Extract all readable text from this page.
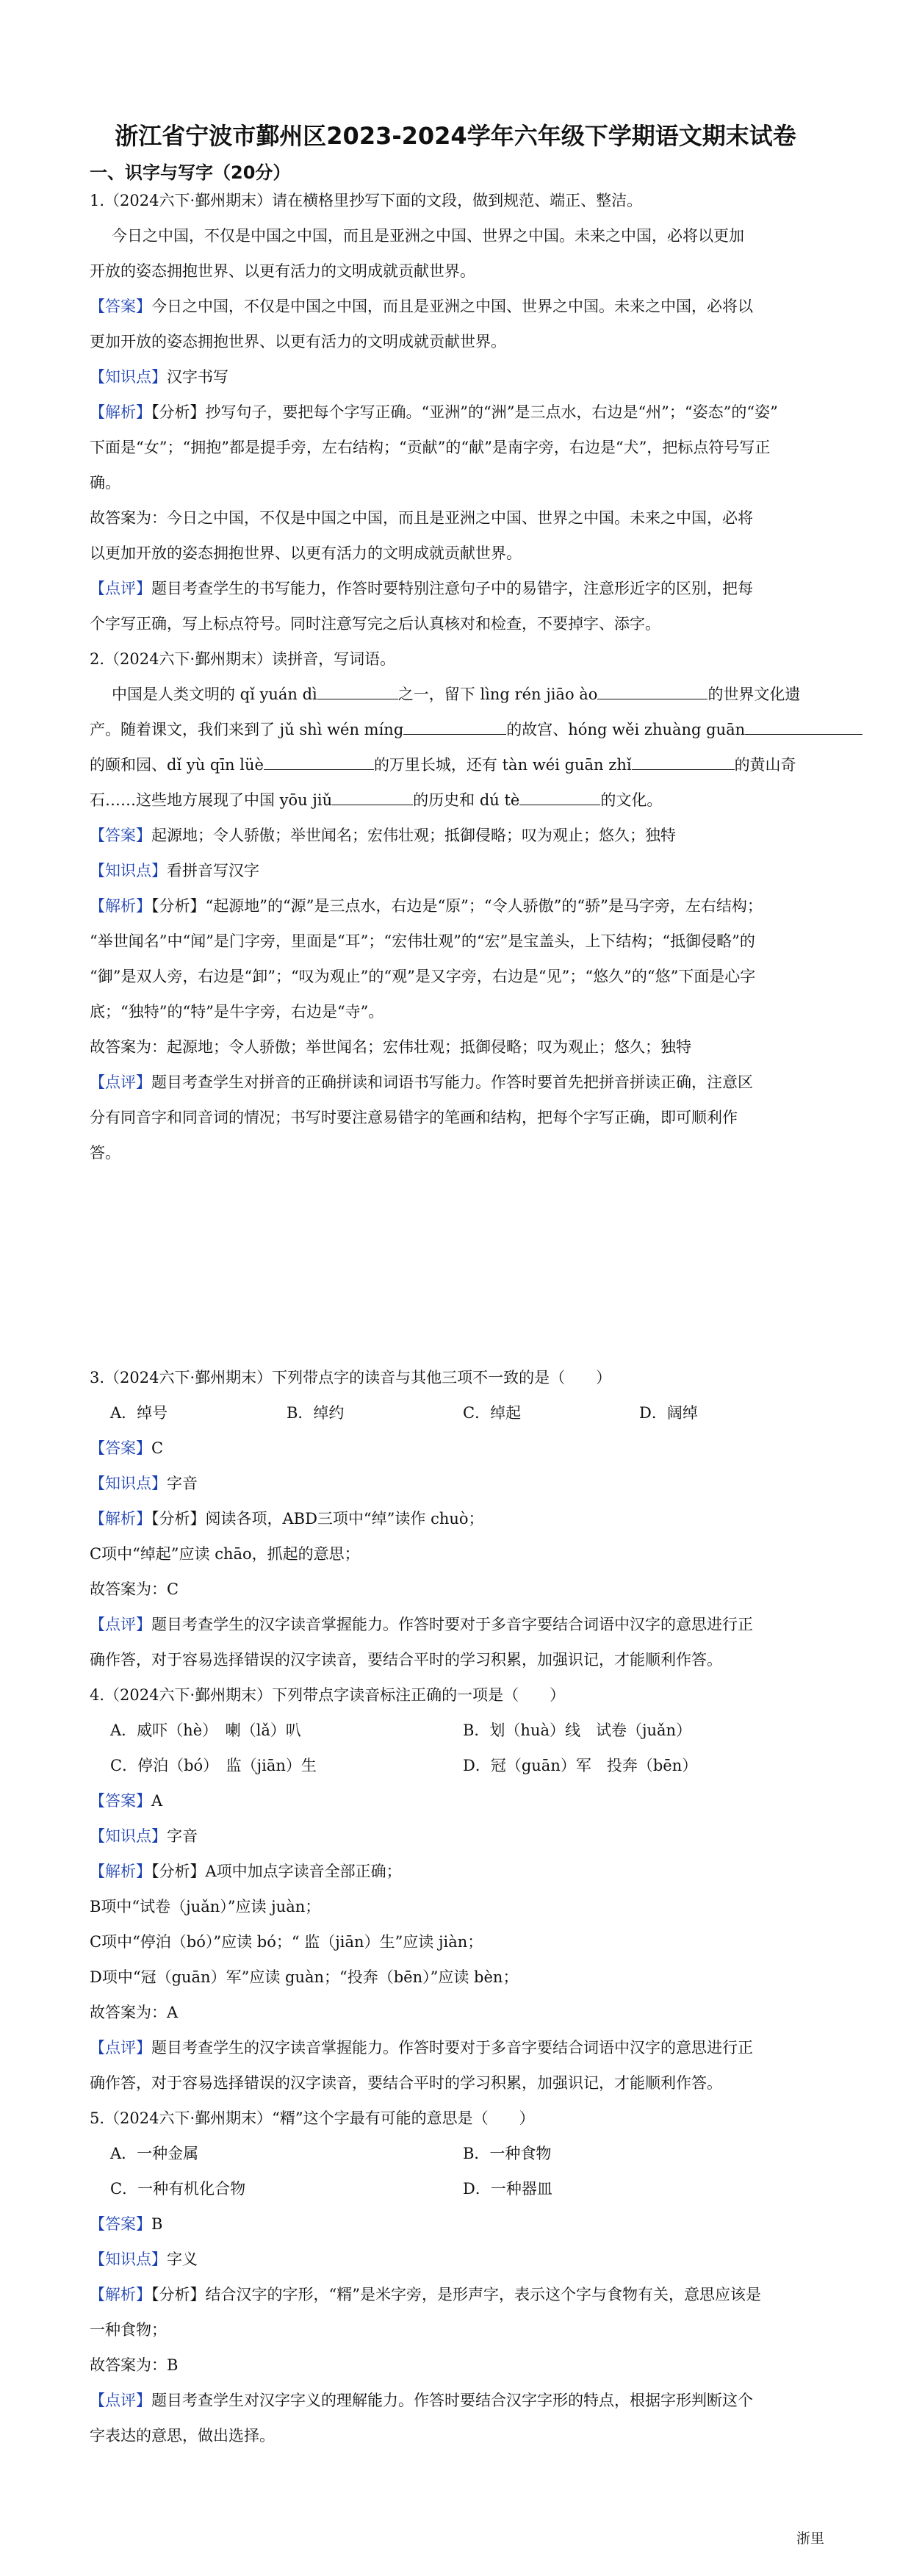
浙江省宁波市鄞州区2023-2024学年六年级下学期语文期末试卷
一、识字与写字（20分）
1.（2024六下·鄞州期末）请在横格里抄写下面的文段，做到规范、端正、整洁。
今日之中国，不仅是中国之中国，而且是亚洲之中国、世界之中国。未来之中国，必将以更加
开放的姿态拥抱世界、以更有活力的文明成就贡献世界。
【答案】今日之中国，不仅是中国之中国，而且是亚洲之中国、世界之中国。未来之中国，必将以
更加开放的姿态拥抱世界、以更有活力的文明成就贡献世界。
【知识点】汉字书写
【解析】【分析】抄写句子，要把每个字写正确。“亚洲”的“洲”是三点水，右边是“州”；“姿态”的“姿”
下面是“女”；“拥抱”都是提手旁，左右结构；“贡献”的“献”是南字旁，右边是“犬”，把标点符号写正
确。
故答案为：今日之中国，不仅是中国之中国，而且是亚洲之中国、世界之中国。未来之中国，必将
以更加开放的姿态拥抱世界、以更有活力的文明成就贡献世界。
【点评】题目考查学生的书写能力，作答时要特别注意句子中的易错字，注意形近字的区别，把每
个字写正确，写上标点符号。同时注意写完之后认真核对和检查，不要掉字、添字。
2.（2024六下·鄞州期末）读拼音，写词语。
中国是人类文明的 qǐ yuán dì	之一，留下 lìng rén jiāo ào	的世界文化遗
产。随着课文，我们来到了 jǔ shì wén míng	的故宫、hóng wěi zhuàng guān
的颐和园、dǐ yù qīn lüè	的万里长城，还有 tàn wéi guān zhǐ	的黄山奇
石……这些地方展现了中国 yōu jiǔ	的历史和 dú tè	的文化。
【答案】起源地；令人骄傲；举世闻名；宏伟壮观；抵御侵略；叹为观止；悠久；独特
【知识点】看拼音写汉字
【解析】【分析】“起源地”的“源”是三点水，右边是“原”；“令人骄傲”的“骄”是马字旁，左右结构；
“举世闻名”中“闻”是门字旁，里面是“耳”；“宏伟壮观”的“宏”是宝盖头，上下结构；“抵御侵略”的
“御”是双人旁，右边是“卸”；“叹为观止”的“观”是又字旁，右边是“见”；“悠久”的“悠”下面是心字
底；“独特”的“特”是牛字旁，右边是“寺”。
故答案为：起源地；令人骄傲；举世闻名；宏伟壮观；抵御侵略；叹为观止；悠久；独特
【点评】题目考查学生对拼音的正确拼读和词语书写能力。作答时要首先把拼音拼读正确，注意区
分有同音字和同音词的情况；书写时要注意易错字的笔画和结构，把每个字写正确，即可顺利作
答。
3.（2024六下·鄞州期末）下列带点字的读音与其他三项不一致的是（　　）
A．绰号	B．绰约	C．绰起	D．阔绰
【答案】C
【知识点】字音
【解析】【分析】阅读各项，ABD三项中“绰”读作 chuò；
C项中“绰起”应读 chāo，抓起的意思；
故答案为：C
【点评】题目考查学生的汉字读音掌握能力。作答时要对于多音字要结合词语中汉字的意思进行正
确作答，对于容易选择错误的汉字读音，要结合平时的学习积累，加强识记，才能顺利作答。
4.（2024六下·鄞州期末）下列带点字读音标注正确的一项是（　　）
A．威吓（hè）　喇（lǎ）叭	B．划（huà）线　试卷（juǎn）
C．停泊（bó）　监（jiān）生	D．冠（guān）军　投奔（bēn）
【答案】A
【知识点】字音
【解析】【分析】A项中加点字读音全部正确；
B项中“试卷（juǎn）”应读 juàn；
C项中“停泊（bó）”应读 bó；“ 监（jiān）生”应读 jiàn；
D项中“冠（guān）军”应读 guàn；“投奔（bēn）”应读 bèn；
故答案为：A
【点评】题目考查学生的汉字读音掌握能力。作答时要对于多音字要结合词语中汉字的意思进行正
确作答，对于容易选择错误的汉字读音，要结合平时的学习积累，加强识记，才能顺利作答。
5.（2024六下·鄞州期末）“糈”这个字最有可能的意思是（　　）
A．一种金属	B．一种食物
C．一种有机化合物	D．一种器皿
【答案】B
【知识点】字义
【解析】【分析】结合汉字的字形，“糈”是米字旁，是形声字，表示这个字与食物有关，意思应该是
一种食物；
故答案为：B
【点评】题目考查学生对汉字字义的理解能力。作答时要结合汉字字形的特点，根据字形判断这个
字表达的意思，做出选择。
浙里
